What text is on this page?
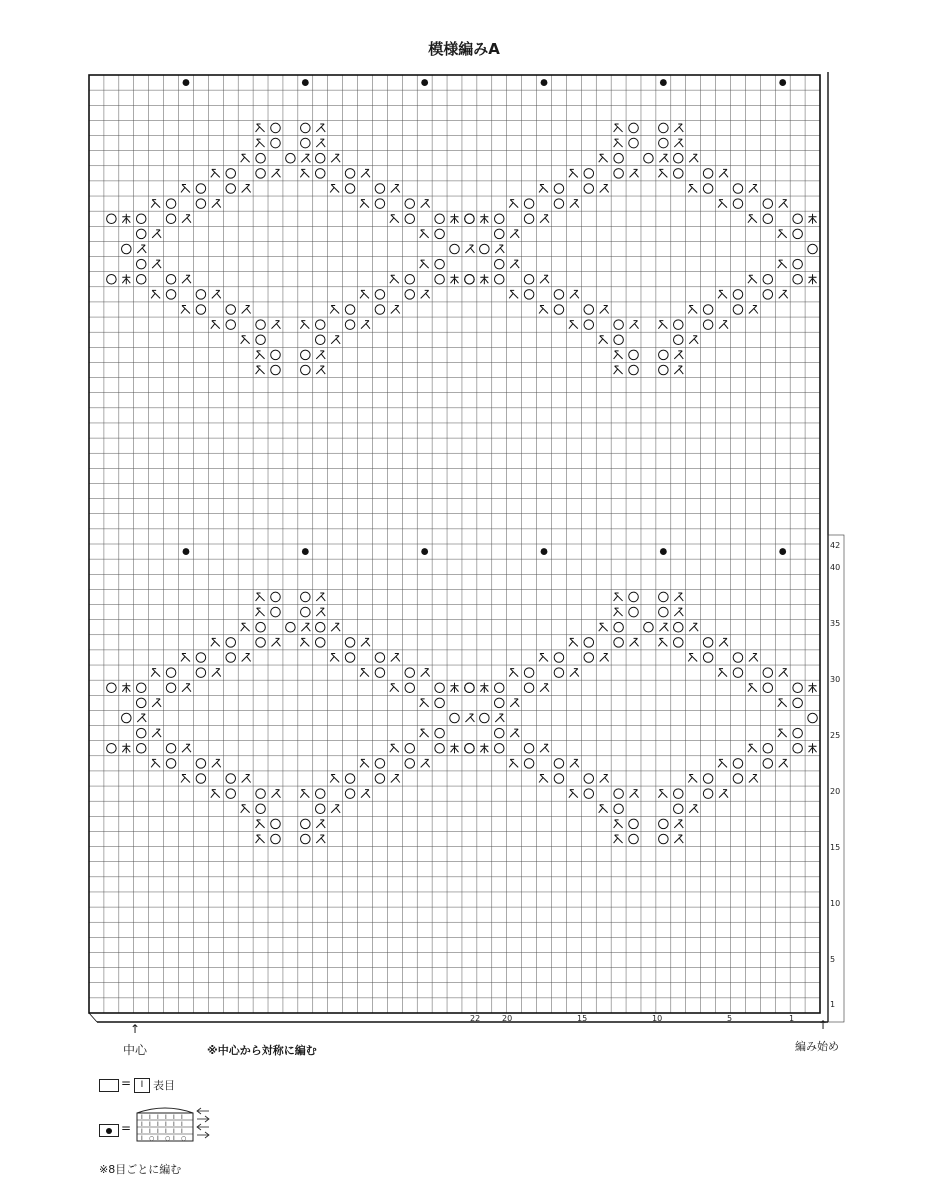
模様編みA
42
40
35
30
25
20
15
10
5
1
22	20	15	10	5	1
↑
中心	※中心から対称に編む
↑
編み始め
=	I 表目
=
I I I I I I
I I I I I I
I I I I I I
I ○ I ○ I ○
※8目ごとに編む
